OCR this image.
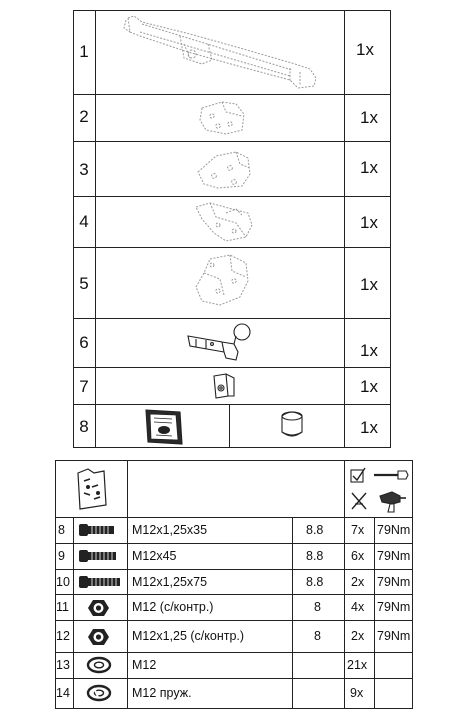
1
2
3
4
5
6
7
8
1x
1x
1x
1x
1x
1x
1x
1x
8
9
10
11
12
13
14
M12x1,25x35
M12x45
M12x1,25x75
M12 (с/контр.)
M12x1,25 (с/контр.)
M12
M12 пруж.
8.8
8.8
8.8
8
8
7x
6x
2x
4x
2x
21x
9x
79Nm
79Nm
79Nm
79Nm
79Nm
